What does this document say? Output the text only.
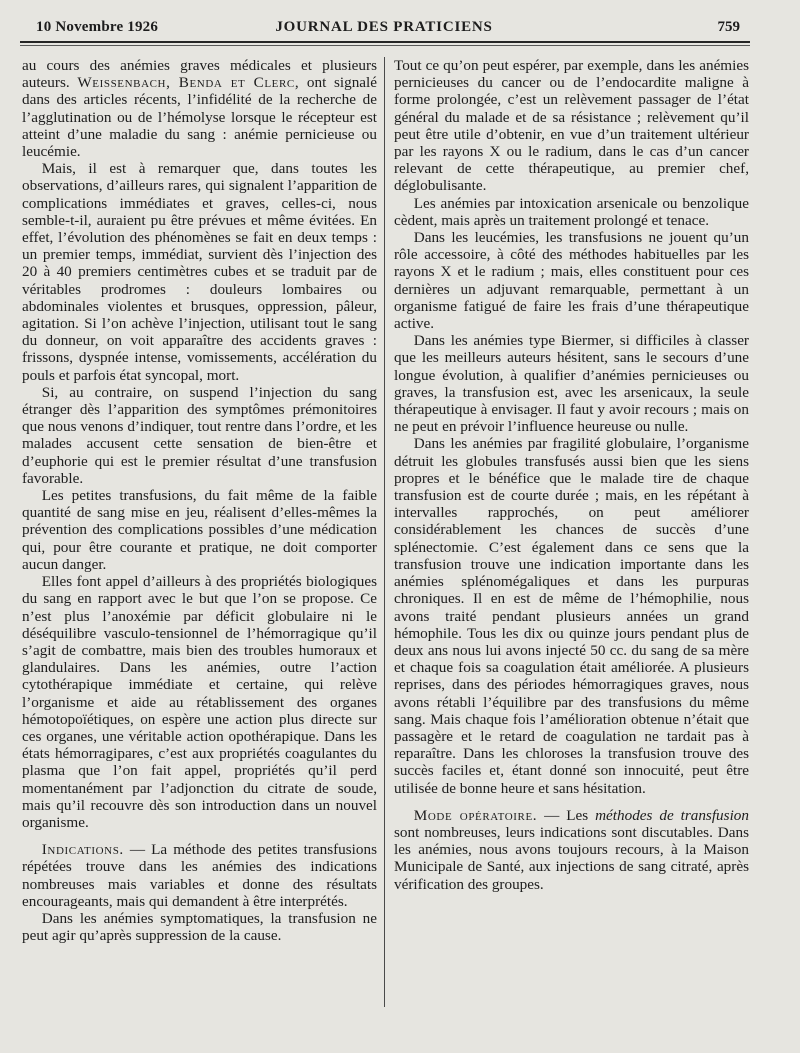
10 Novembre 1926	JOURNAL DES PRATICIENS	759

au cours des anémies graves médicales et plusieurs auteurs. Weissenbach, Benda et Clerc, ont signalé dans des articles récents, l’infidélité de la recherche de l’agglutination ou de l’hémolyse lorsque le récepteur est atteint d’une maladie du sang : anémie pernicieuse ou leucémie.

Mais, il est à remarquer que, dans toutes les observations, d’ailleurs rares, qui signalent l’apparition de complications immédiates et graves, celles-ci, nous semble-t-il, auraient pu être prévues et même évitées. En effet, l’évolution des phénomènes se fait en deux temps : un premier temps, immédiat, survient dès l’injection des 20 à 40 premiers centimètres cubes et se traduit par de véritables prodromes : douleurs lombaires ou abdominales violentes et brusques, oppression, pâleur, agitation. Si l’on achève l’injection, utilisant tout le sang du donneur, on voit apparaître des accidents graves : frissons, dyspnée intense, vomissements, accélération du pouls et parfois état syncopal, mort.

Si, au contraire, on suspend l’injection du sang étranger dès l’apparition des symptômes prémonitoires que nous venons d’indiquer, tout rentre dans l’ordre, et les malades accusent cette sensation de bien-être et d’euphorie qui est le premier résultat d’une transfusion favorable.

Les petites transfusions, du fait même de la faible quantité de sang mise en jeu, réalisent d’elles-mêmes la prévention des complications possibles d’une médication qui, pour être courante et pratique, ne doit comporter aucun danger.

Elles font appel d’ailleurs à des propriétés biologiques du sang en rapport avec le but que l’on se propose. Ce n’est plus l’anoxémie par déficit globulaire ni le déséquilibre vasculo-tensionnel de l’hémorragique qu’il s’agit de combattre, mais bien des troubles humoraux et glandulaires. Dans les anémies, outre l’action cytothérapique immédiate et certaine, qui relève l’organisme et aide au rétablissement des organes hémotopoïétiques, on espère une action plus directe sur ces organes, une véritable action opothérapique. Dans les états hémorragipares, c’est aux propriétés coagulantes du plasma que l’on fait appel, propriétés qu’il perd momentanément par l’adjonction du citrate de soude, mais qu’il recouvre dès son introduction dans un nouvel organisme.

Indications. — La méthode des petites transfusions répétées trouve dans les anémies des indications nombreuses mais variables et donne des résultats encourageants, mais qui demandent à être interprétés.

Dans les anémies symptomatiques, la transfusion ne peut agir qu’après suppression de la cause.

Tout ce qu’on peut espérer, par exemple, dans les anémies pernicieuses du cancer ou de l’endocardite maligne à forme prolongée, c’est un relèvement passager de l’état général du malade et de sa résistance ; relèvement qu’il peut être utile d’obtenir, en vue d’un traitement ultérieur par les rayons X ou le radium, dans le cas d’un cancer relevant de cette thérapeutique, au premier chef, déglobulisante.

Les anémies par intoxication arsenicale ou benzolique cèdent, mais après un traitement prolongé et tenace.

Dans les leucémies, les transfusions ne jouent qu’un rôle accessoire, à côté des méthodes habituelles par les rayons X et le radium ; mais, elles constituent pour ces dernières un adjuvant remarquable, permettant à un organisme fatigué de faire les frais d’une thérapeutique active.

Dans les anémies type Biermer, si difficiles à classer que les meilleurs auteurs hésitent, sans le secours d’une longue évolution, à qualifier d’anémies pernicieuses ou graves, la transfusion est, avec les arsenicaux, la seule thérapeutique à envisager. Il faut y avoir recours ; mais on ne peut en prévoir l’influence heureuse ou nulle.

Dans les anémies par fragilité globulaire, l’organisme détruit les globules transfusés aussi bien que les siens propres et le bénéfice que le malade tire de chaque transfusion est de courte durée ; mais, en les répétant à intervalles rapprochés, on peut améliorer considérablement les chances de succès d’une splénectomie. C’est également dans ce sens que la transfusion trouve une indication importante dans les anémies splénomégaliques et dans les purpuras chroniques. Il en est de même de l’hémophilie, nous avons traité pendant plusieurs années un grand hémophile. Tous les dix ou quinze jours pendant plus de deux ans nous lui avons injecté 50 cc. du sang de sa mère et chaque fois sa coagulation était améliorée. A plusieurs reprises, dans des périodes hémorragiques graves, nous avons rétabli l’équilibre par des transfusions du même sang. Mais chaque fois l’amélioration obtenue n’était que passagère et le retard de coagulation ne tardait pas à reparaître. Dans les chloroses la transfusion trouve des succès faciles et, étant donné son innocuité, peut être utilisée de bonne heure et sans hésitation.

Mode opératoire. — Les méthodes de transfusion sont nombreuses, leurs indications sont discutables. Dans les anémies, nous avons toujours recours, à la Maison Municipale de Santé, aux injections de sang citraté, après vérification des groupes.
